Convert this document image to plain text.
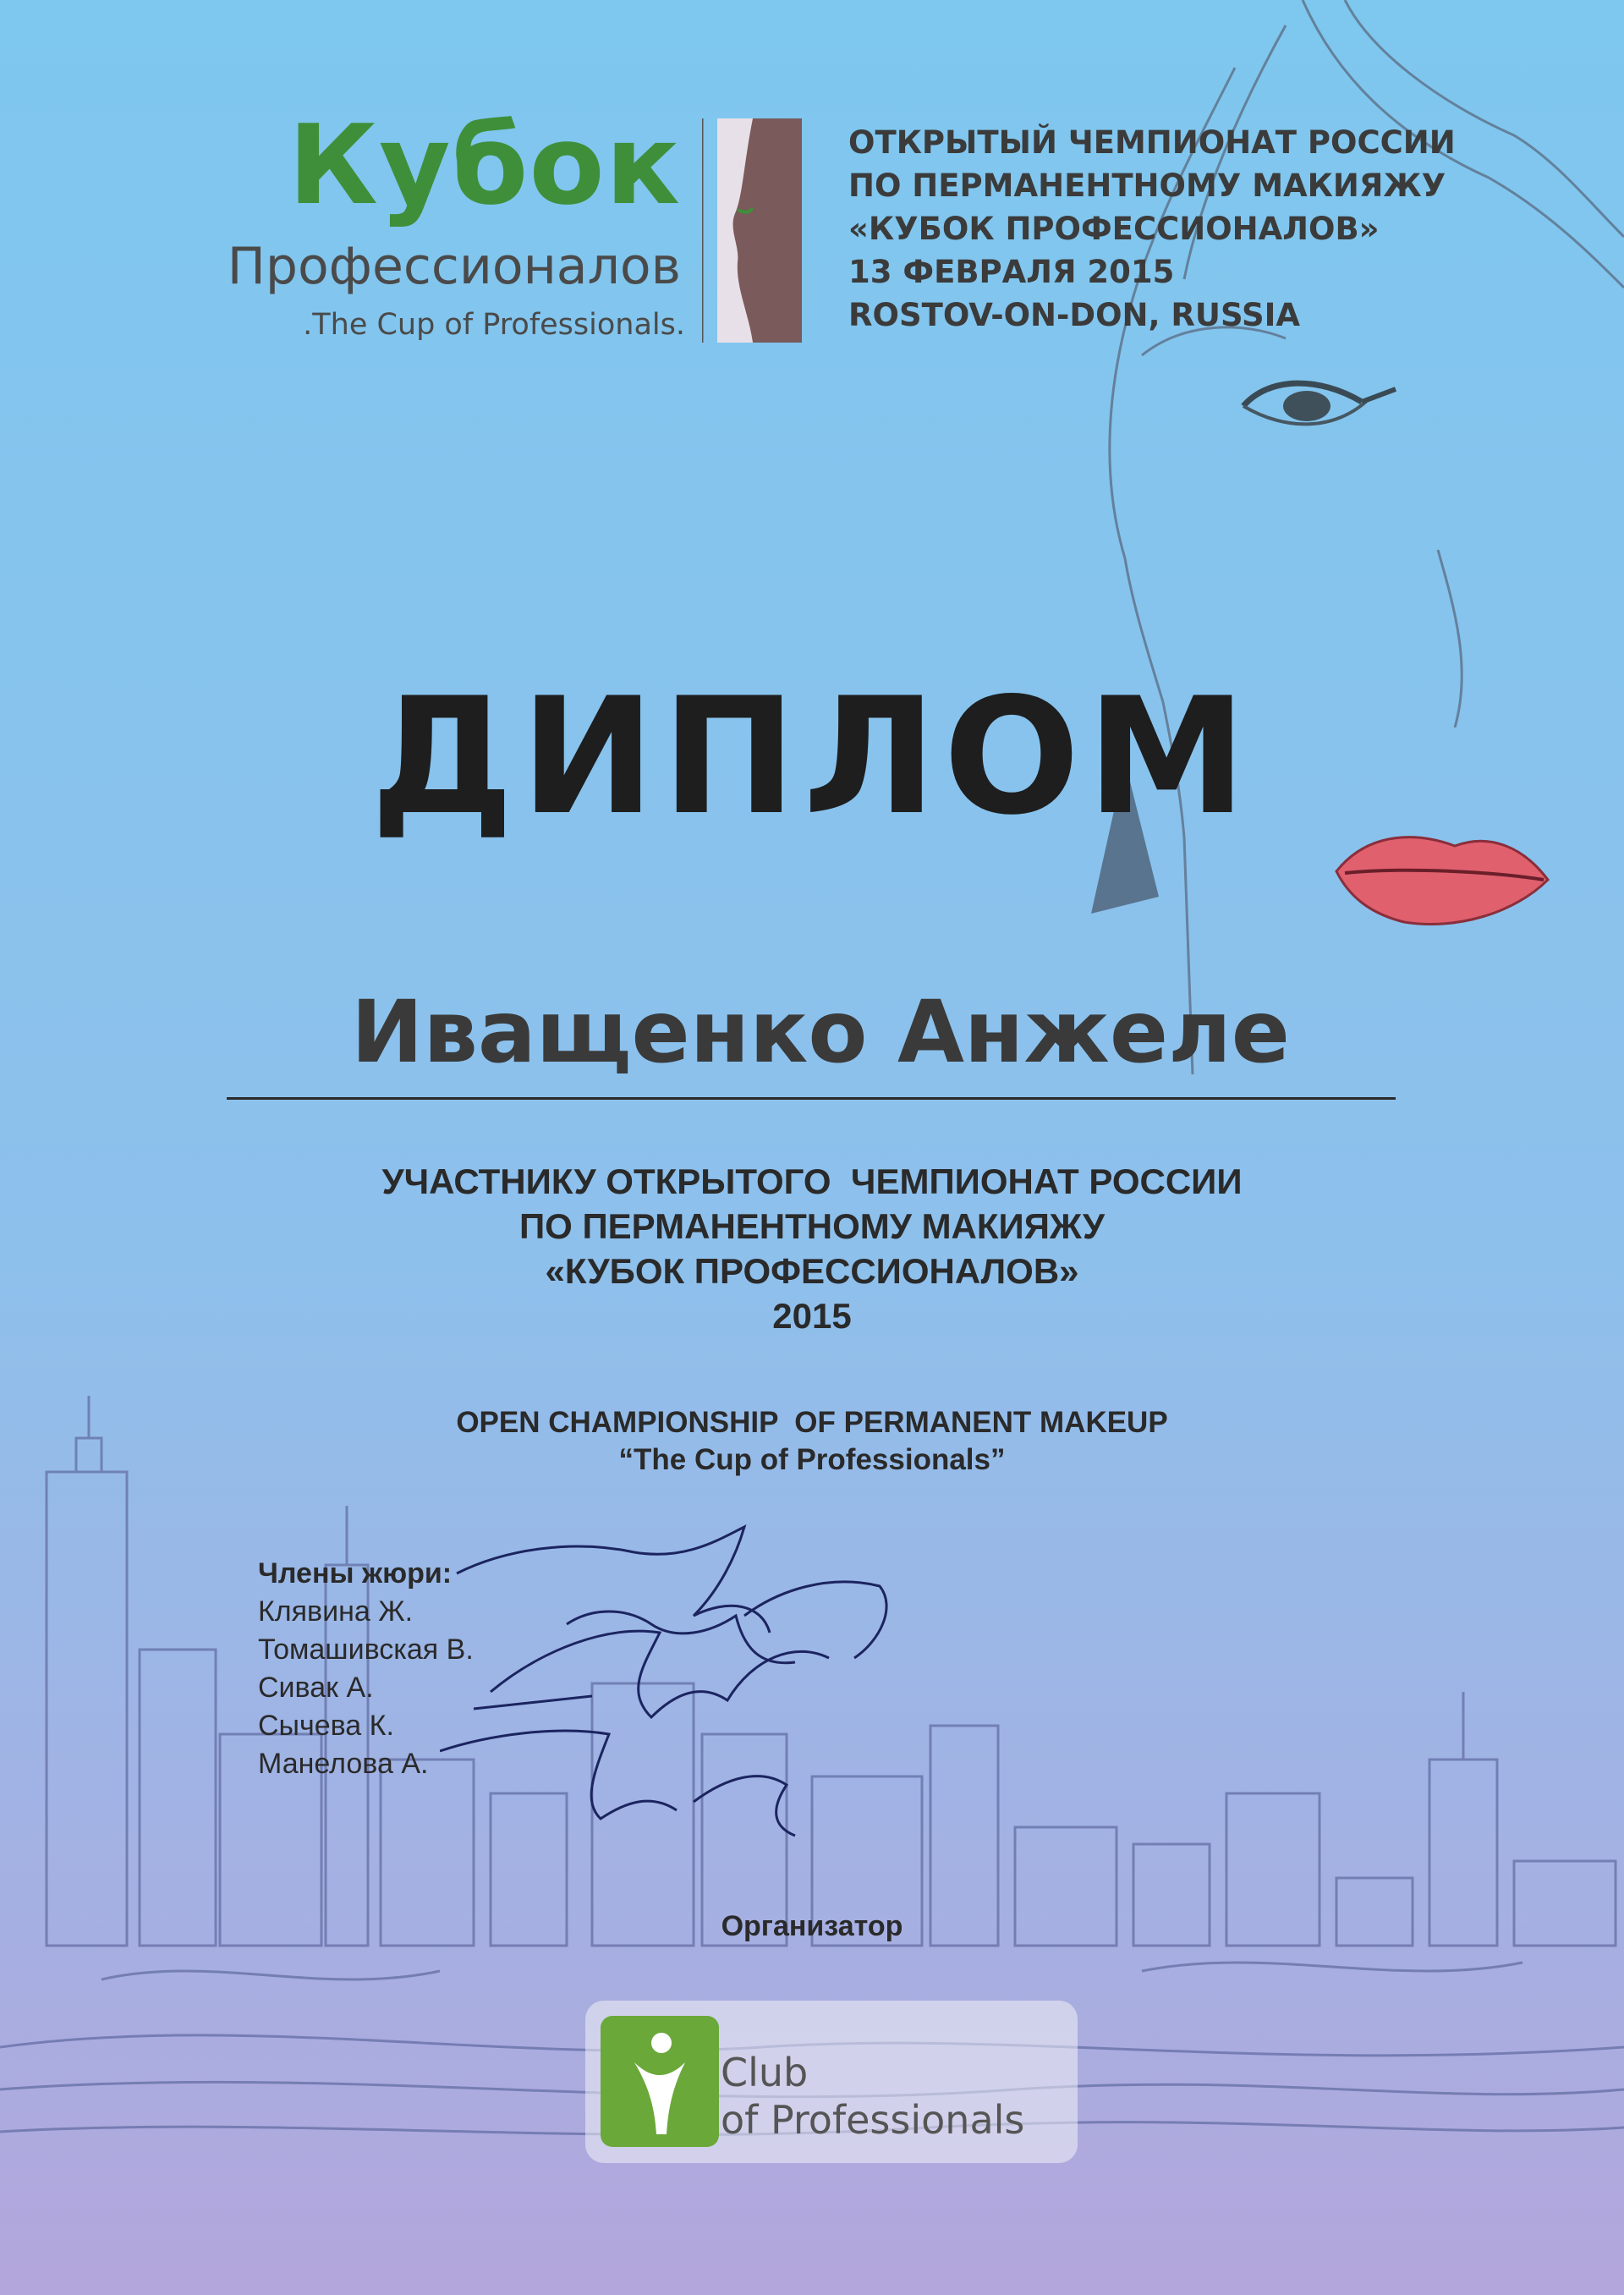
Кубок
Профессионалов
.The Cup of Professionals.
ОТКРЫТЫЙ ЧЕМПИОНАТ РОССИИ
ПО ПЕРМАНЕНТНОМУ МАКИЯЖУ
«КУБОК ПРОФЕССИОНАЛОВ»
13 ФЕВРАЛЯ 2015
ROSTOV-ON-DON, RUSSIA
ДИПЛОМ
Иващенко Анжеле
УЧАСТНИКУ ОТКРЫТОГО  ЧЕМПИОНАТ РОССИИ
ПО ПЕРМАНЕНТНОМУ МАКИЯЖУ
«КУБОК ПРОФЕССИОНАЛОВ»
2015
OPEN CHAMPIONSHIP  OF PERMANENT MAKEUP
“The Cup of Professionals”
Члены жюри:
Клявина Ж.
Томашивская В.
Сивак А.
Сычева К.
Манелова А.
Организатор
Club
of Professionals
